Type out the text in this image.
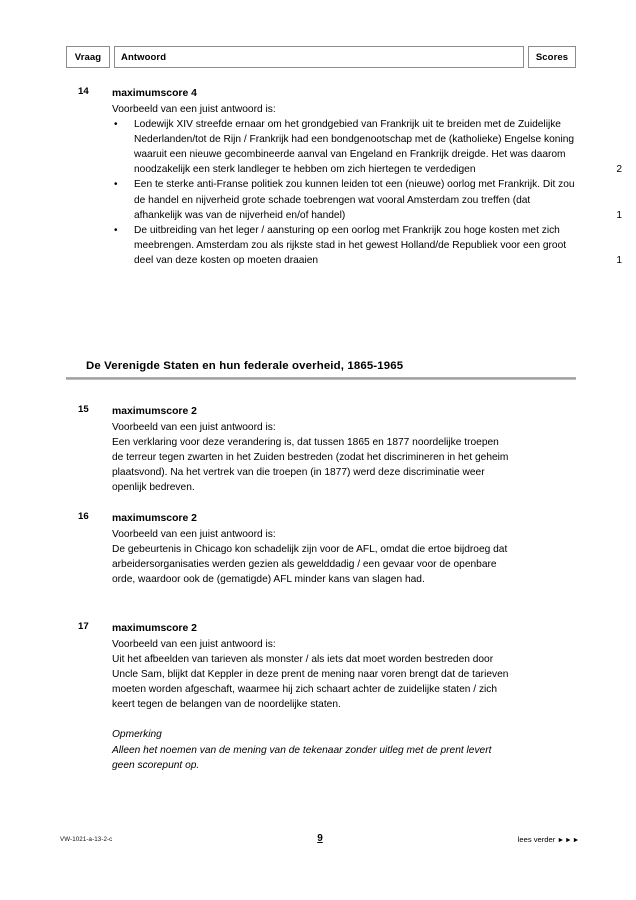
Vraag	Antwoord	Scores
14	maximumscore 4

Voorbeeld van een juist antwoord is:

•	Lodewijk XIV streefde ernaar om het grondgebied van Frankrijk uit te breiden met de Zuidelijke Nederlanden/tot de Rijn / Frankrijk had een bondgenootschap met de (katholieke) Engelse koning waaruit een nieuwe gecombineerde aanval van Engeland en Frankrijk dreigde. Het was daarom noodzakelijk een sterk landleger te hebben om zich hiertegen te verdedigen	2
•	Een te sterke anti-Franse politiek zou kunnen leiden tot een (nieuwe) oorlog met Frankrijk. Dit zou de handel en nijverheid grote schade toebrengen wat vooral Amsterdam zou treffen (dat afhankelijk was van de nijverheid en/of handel)	1
•	De uitbreiding van het leger / aansturing op een oorlog met Frankrijk zou hoge kosten met zich meebrengen. Amsterdam zou als rijkste stad in het gewest Holland/de Republiek voor een groot deel van deze kosten op moeten draaien	1

De Verenigde Staten en hun federale overheid, 1865-1965

15	maximumscore 2

Voorbeeld van een juist antwoord is:

Een verklaring voor deze verandering is, dat tussen 1865 en 1877 noordelijke troepen de terreur tegen zwarten in het Zuiden bestreden (zodat het discrimineren in het geheim plaatsvond). Na het vertrek van die troepen (in 1877) werd deze discriminatie weer openlijk bedreven.

16	maximumscore 2

Voorbeeld van een juist antwoord is:

De gebeurtenis in Chicago kon schadelijk zijn voor de AFL, omdat die ertoe bijdroeg dat arbeidersorganisaties werden gezien als gewelddadig / een gevaar voor de openbare orde, waardoor ook de (gematigde) AFL minder kans van slagen had.

17	maximumscore 2

Voorbeeld van een juist antwoord is:

Uit het afbeelden van tarieven als monster / als iets dat moet worden bestreden door Uncle Sam, blijkt dat Keppler in deze prent de mening naar voren brengt dat de tarieven moeten worden afgeschaft, waarmee hij zich schaart achter de zuidelijke staten / zich keert tegen de belangen van de noordelijke staten.

Opmerking

Alleen het noemen van de mening van de tekenaar zonder uitleg met de prent levert geen scorepunt op.

VW-1021-a-13-2-c	9	lees verder ►►►
